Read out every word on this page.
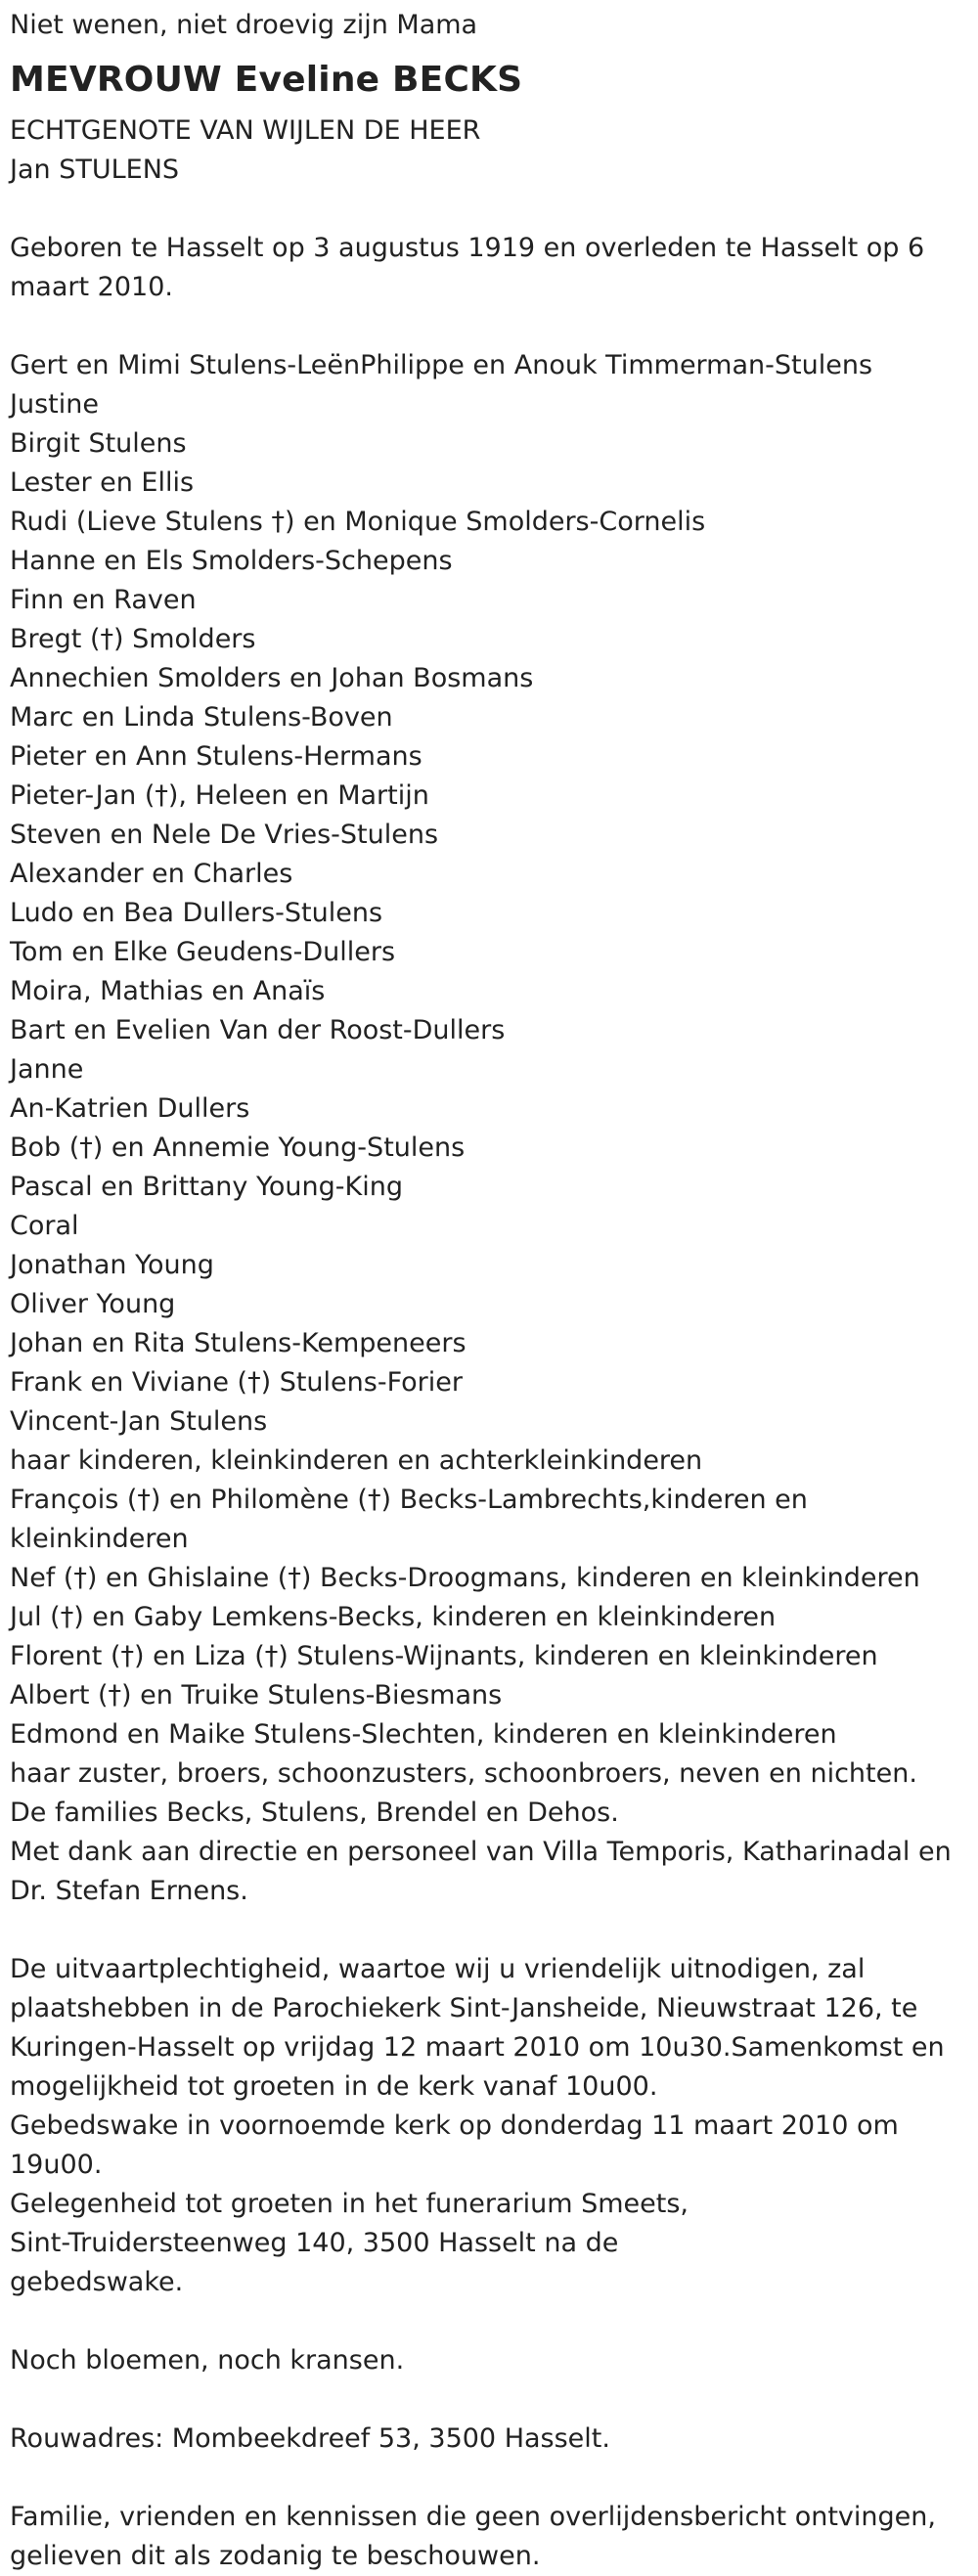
Niet wenen, niet droevig zijn Mama
MEVROUW Eveline BECKS
ECHTGENOTE VAN WIJLEN DE HEER
Jan STULENS
Geboren te Hasselt op 3 augustus 1919 en overleden te Hasselt op 6 maart 2010.
Gert en Mimi Stulens-LeënPhilippe en Anouk Timmerman-Stulens
Justine
Birgit Stulens
Lester en Ellis
Rudi (Lieve Stulens †) en Monique Smolders-Cornelis
Hanne en Els Smolders-Schepens
Finn en Raven
Bregt (†) Smolders
Annechien Smolders en Johan Bosmans
Marc en Linda Stulens-Boven
Pieter en Ann Stulens-Hermans
Pieter-Jan (†), Heleen en Martijn
Steven en Nele De Vries-Stulens
Alexander en Charles
Ludo en Bea Dullers-Stulens
Tom en Elke Geudens-Dullers
Moira, Mathias en Anaïs
Bart en Evelien Van der Roost-Dullers
Janne
An-Katrien Dullers
Bob (†) en Annemie Young-Stulens
Pascal en Brittany Young-King
Coral
Jonathan Young
Oliver Young
Johan en Rita Stulens-Kempeneers
Frank en Viviane (†) Stulens-Forier
Vincent-Jan Stulens
haar kinderen, kleinkinderen en achterkleinkinderen
François (†) en Philomène (†) Becks-Lambrechts,kinderen en kleinkinderen
Nef (†) en Ghislaine (†) Becks-Droogmans, kinderen en kleinkinderen
Jul (†) en Gaby Lemkens-Becks, kinderen en kleinkinderen
Florent (†) en Liza (†) Stulens-Wijnants, kinderen en kleinkinderen
Albert (†) en Truike Stulens-Biesmans
Edmond en Maike Stulens-Slechten, kinderen en kleinkinderen
haar zuster, broers, schoonzusters, schoonbroers, neven en nichten.
De families Becks, Stulens, Brendel en Dehos.
Met dank aan directie en personeel van Villa Temporis, Katharinadal en Dr. Stefan Ernens.
De uitvaartplechtigheid, waartoe wij u vriendelijk uitnodigen, zal plaatshebben in de Parochiekerk Sint-Jansheide, Nieuwstraat 126, te Kuringen-Hasselt op vrijdag 12 maart 2010 om 10u30.Samenkomst en mogelijkheid tot groeten in de kerk vanaf 10u00.
Gebedswake in voornoemde kerk op donderdag 11 maart 2010 om 19u00.
Gelegenheid tot groeten in het funerarium Smeets, Sint-Truidersteenweg 140, 3500 Hasselt na de gebedswake.
Noch bloemen, noch kransen.
Rouwadres: Mombeekdreef 53, 3500 Hasselt.
Familie, vrienden en kennissen die geen overlijdensbericht ontvingen, gelieven dit als zodanig te beschouwen.
